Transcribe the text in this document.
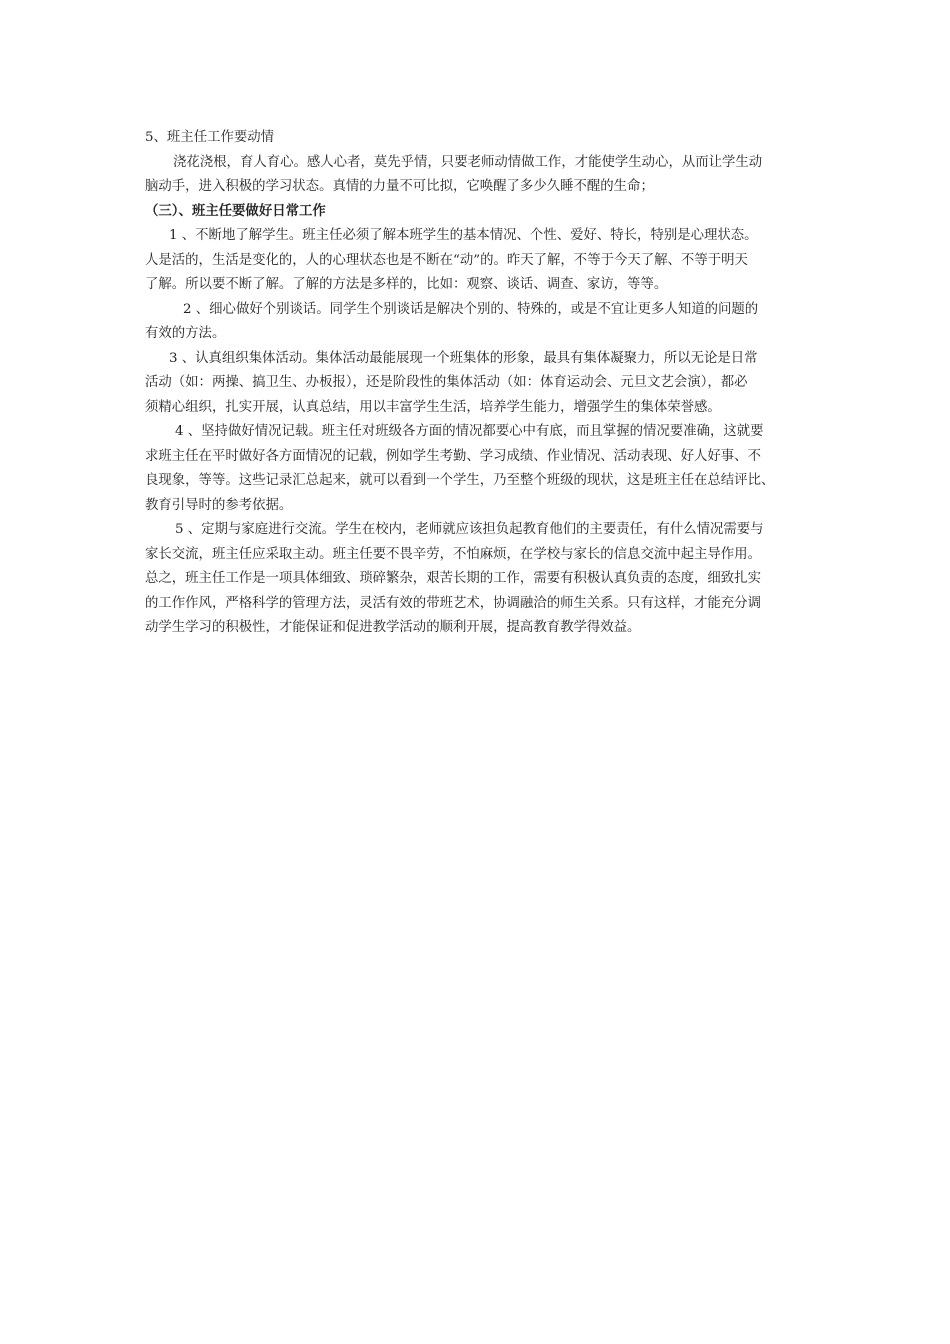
5、班主任工作要动情
浇花浇根，育人育心。感人心者，莫先乎情，只要老师动情做工作，才能使学生动心，从而让学生动
脑动手，进入积极的学习状态。真情的力量不可比拟，它唤醒了多少久睡不醒的生命；
（三）、班主任要做好日常工作
1 、不断地了解学生。班主任必须了解本班学生的基本情况、个性、爱好、特长，特别是心理状态。
人是活的，生活是变化的，人的心理状态也是不断在“动”的。昨天了解，不等于今天了解、不等于明天
了解。所以要不断了解。了解的方法是多样的，比如：观察、谈话、调查、家访，等等。
2 、细心做好个别谈话。同学生个别谈话是解决个别的、特殊的，或是不宜让更多人知道的问题的
有效的方法。
3 、认真组织集体活动。集体活动最能展现一个班集体的形象，最具有集体凝聚力，所以无论是日常
活动（如：两操、搞卫生、办板报），还是阶段性的集体活动（如：体育运动会、元旦文艺会演），都必
须精心组织，扎实开展，认真总结，用以丰富学生生活，培养学生能力，增强学生的集体荣誉感。
4 、坚持做好情况记载。班主任对班级各方面的情况都要心中有底，而且掌握的情况要准确，这就要
求班主任在平时做好各方面情况的记载，例如学生考勤、学习成绩、作业情况、活动表现、好人好事、不
良现象，等等。这些记录汇总起来，就可以看到一个学生，乃至整个班级的现状，这是班主任在总结评比、
教育引导时的参考依据。
5 、定期与家庭进行交流。学生在校内，老师就应该担负起教育他们的主要责任，有什么情况需要与
家长交流，班主任应采取主动。班主任要不畏辛劳，不怕麻烦，在学校与家长的信息交流中起主导作用。
总之，班主任工作是一项具体细致、琐碎繁杂，艰苦长期的工作，需要有积极认真负责的态度，细致扎实
的工作作风，严格科学的管理方法，灵活有效的带班艺术，协调融洽的师生关系。只有这样，才能充分调
动学生学习的积极性，才能保证和促进教学活动的顺利开展，提高教育教学得效益。
